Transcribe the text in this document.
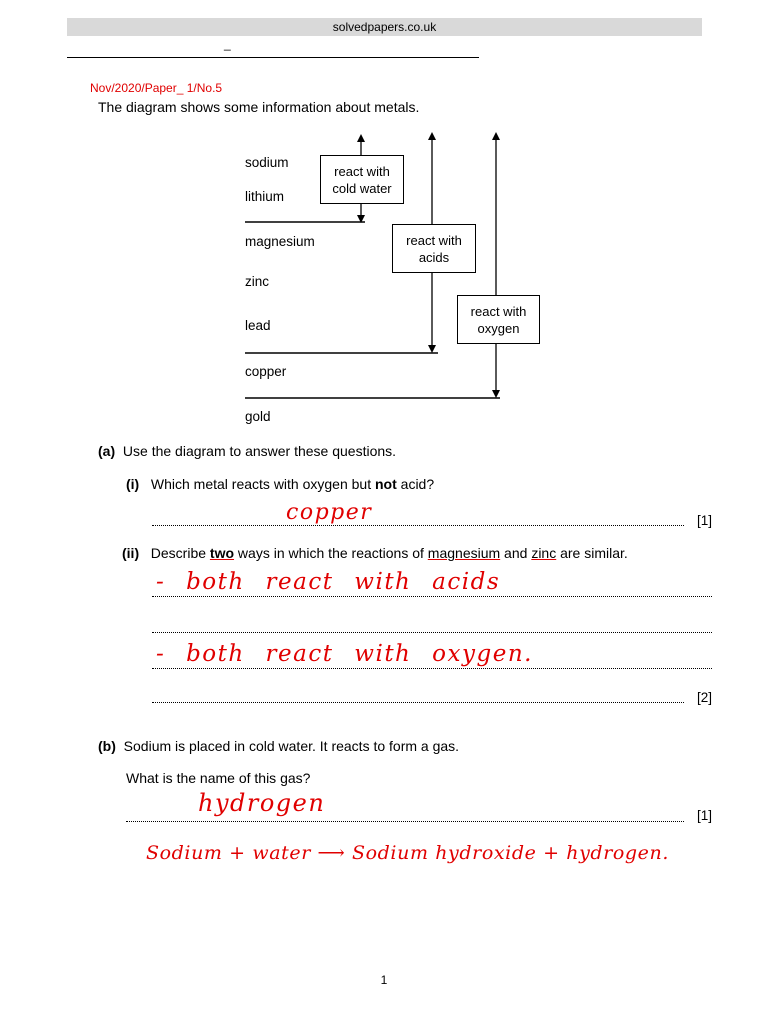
solvedpapers.co.uk
_
Nov/2020/Paper_ 1/No.5
The diagram shows some information about metals.
sodium
lithium
magnesium
zinc
lead
copper
gold
react with
cold water
react with
acids
react with
oxygen
(a) Use the diagram to answer these questions.
(i) Which metal reacts with oxygen but not acid?
copper	[1]
(ii) Describe two ways in which the reactions of magnesium and zinc are similar.
- both react with acids
- both react with oxygen.
[2]
(b) Sodium is placed in cold water. It reacts to form a gas.
What is the name of this gas?
hydrogen	[1]
Sodium + water ⟶ Sodium hydroxide + hydrogen.
1
